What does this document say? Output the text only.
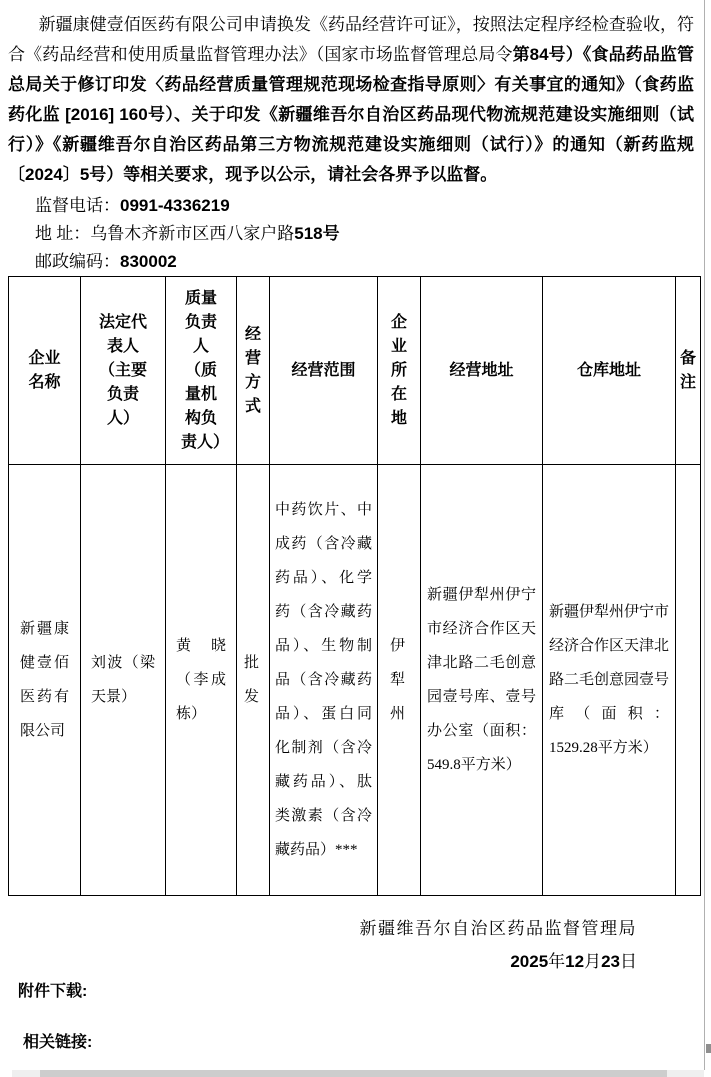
新疆康健壹佰医药有限公司申请换发《药品经营许可证》，按照法定程序经检查验收，符合《药品经营和使用质量监督管理办法》（国家市场监督管理总局令第84号）《食品药品监管总局关于修订印发〈药品经营质量管理规范现场检查指导原则〉有关事宜的通知》（食药监药化监 [2016] 160号）、关于印发《新疆维吾尔自治区药品现代物流规范建设实施细则（试行）》《新疆维吾尔自治区药品第三方物流规范建设实施细则（试行）》的通知（新药监规〔2024〕5号）等相关要求，现予以公示，请社会各界予以监督。

监督电话：0991-4336219
地 址：乌鲁木齐新市区西八家户路518号
邮政编码：830002
企业名称	法定代表人（主要负责人）	质量负责人（质量机构负责人）	经营方式	经营范围	企业所在地	经营地址	仓库地址	备注
新疆康健壹佰医药有限公司	刘波（梁天景）	黄晓（李成栋）	批发	中药饮片、中成药（含冷藏药品）、化学药（含冷藏药品）、生物制品（含冷藏药品）、蛋白同化制剂（含冷藏药品）、肽类激素（含冷藏药品）***	伊犁州	新疆伊犁州伊宁市经济合作区天津北路二毛创意园壹号库、壹号办公室（面积：549.8平方米）	新疆伊犁州伊宁市经济合作区天津北路二毛创意园壹号库（面积：1529.28平方米）	
新疆维吾尔自治区药品监督管理局
2025年12月23日
附件下载:
相关链接:
